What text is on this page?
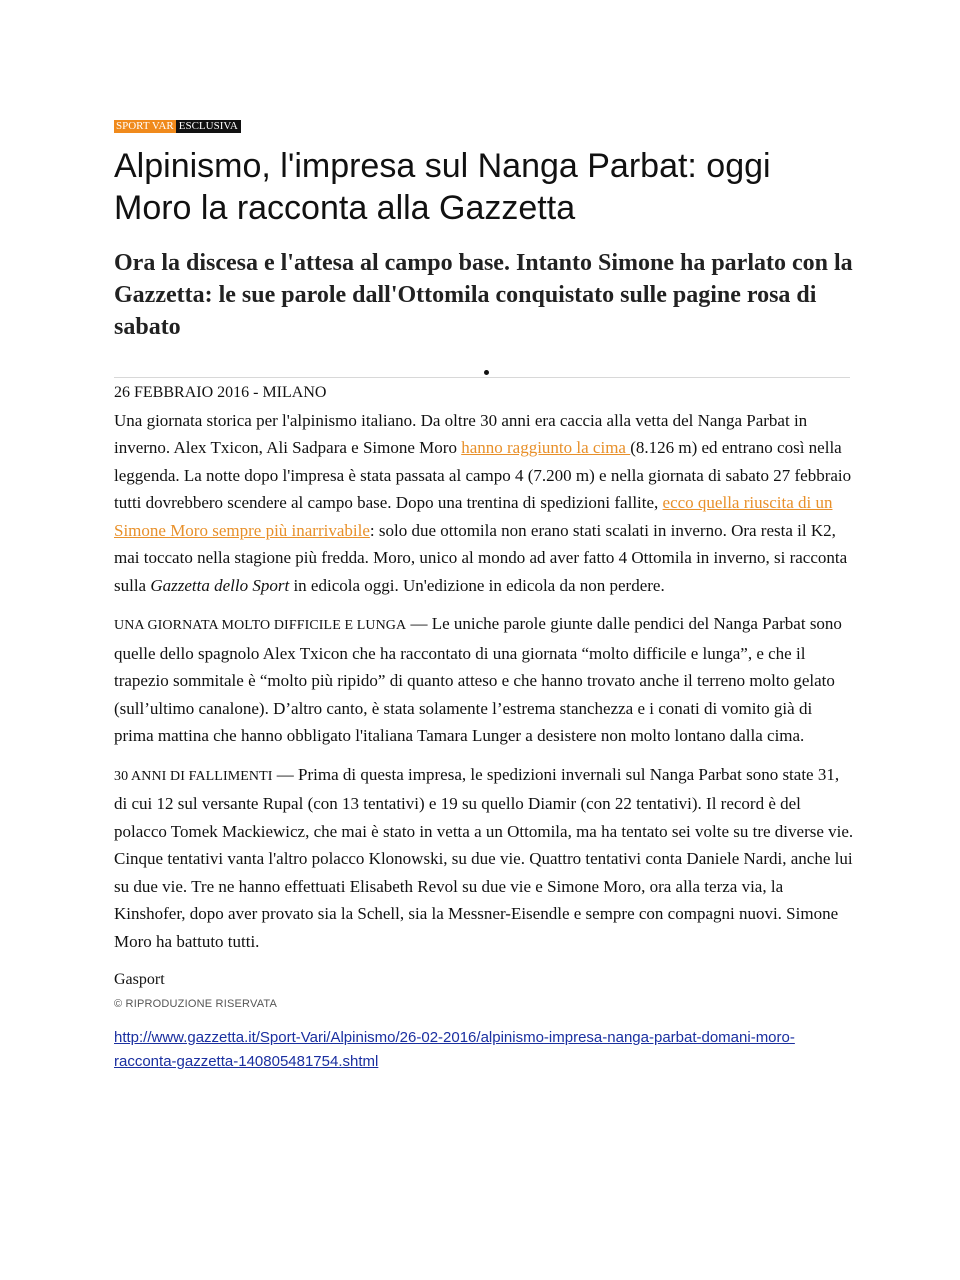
SPORT VAR ESCLUSIVA
Alpinismo, l'impresa sul Nanga Parbat: oggi Moro la racconta alla Gazzetta
Ora la discesa e l'attesa al campo base. Intanto Simone ha parlato con la Gazzetta: le sue parole dall'Ottomila conquistato sulle pagine rosa di sabato
26 FEBBRAIO 2016 - MILANO

Una giornata storica per l'alpinismo italiano. Da oltre 30 anni era caccia alla vetta del Nanga Parbat in inverno. Alex Txicon, Ali Sadpara e Simone Moro hanno raggiunto la cima (8.126 m) ed entrano così nella leggenda. La notte dopo l'impresa è stata passata al campo 4 (7.200 m) e nella giornata di sabato 27 febbraio tutti dovrebbero scendere al campo base. Dopo una trentina di spedizioni fallite, ecco quella riuscita di un Simone Moro sempre più inarrivabile: solo due ottomila non erano stati scalati in inverno. Ora resta il K2, mai toccato nella stagione più fredda. Moro, unico al mondo ad aver fatto 4 Ottomila in inverno, si racconta sulla Gazzetta dello Sport in edicola oggi. Un'edizione in edicola da non perdere.

UNA GIORNATA MOLTO DIFFICILE E LUNGA — Le uniche parole giunte dalle pendici del Nanga Parbat sono quelle dello spagnolo Alex Txicon che ha raccontato di una giornata “molto difficile e lunga”, e che il trapezio sommitale è “molto più ripido” di quanto atteso e che hanno trovato anche il terreno molto gelato (sull’ultimo canalone). D’altro canto, è stata solamente l’estrema stanchezza e i conati di vomito già di prima mattina che hanno obbligato l'italiana Tamara Lunger a desistere non molto lontano dalla cima.

30 ANNI DI FALLIMENTI — Prima di questa impresa, le spedizioni invernali sul Nanga Parbat sono state 31, di cui 12 sul versante Rupal (con 13 tentativi) e 19 su quello Diamir (con 22 tentativi). Il record è del polacco Tomek Mackiewicz, che mai è stato in vetta a un Ottomila, ma ha tentato sei volte su tre diverse vie. Cinque tentativi vanta l'altro polacco Klonowski, su due vie. Quattro tentativi conta Daniele Nardi, anche lui su due vie. Tre ne hanno effettuati Elisabeth Revol su due vie e Simone Moro, ora alla terza via, la Kinshofer, dopo aver provato sia la Schell, sia la Messner-Eisendle e sempre con compagni nuovi. Simone Moro ha battuto tutti.

Gasport
© RIPRODUZIONE RISERVATA
http://www.gazzetta.it/Sport-Vari/Alpinismo/26-02-2016/alpinismo-impresa-nanga-parbat-domani-moro-racconta-gazzetta-140805481754.shtml
